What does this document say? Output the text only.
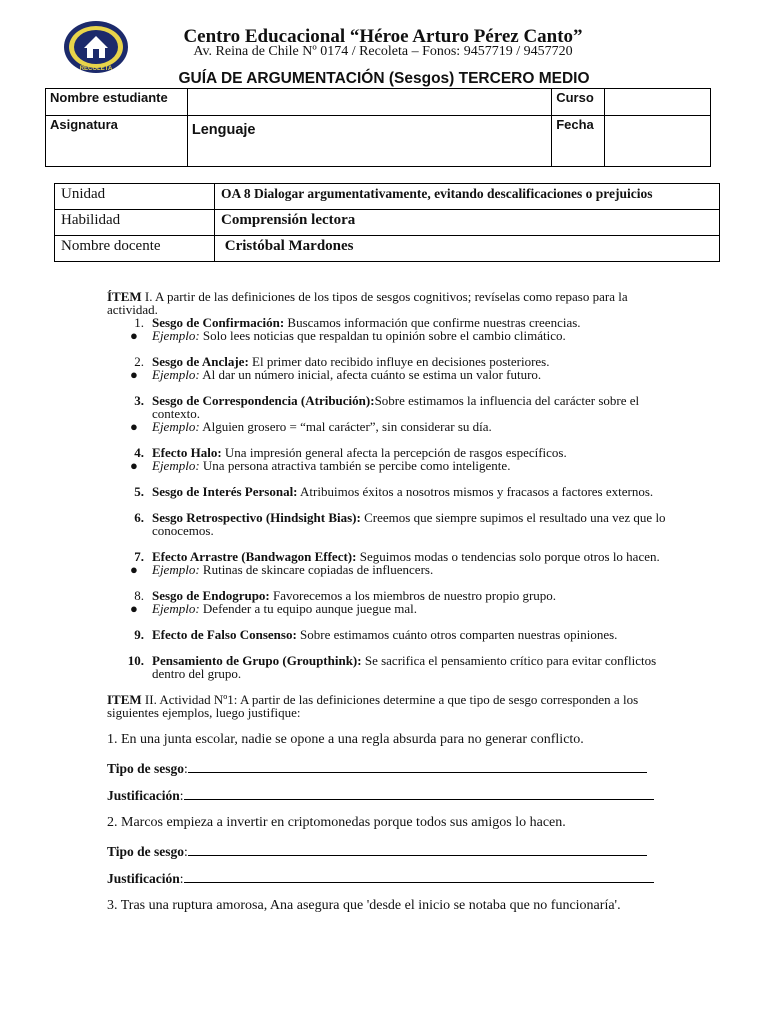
RECOLETA
Centro Educacional “Héroe Arturo Pérez Canto”
Av. Reina de Chile Nº 0174 / Recoleta – Fonos: 9457719 / 9457720
GUÍA DE ARGUMENTACIÓN (Sesgos) TERCERO MEDIO
Nombre estudiante		Curso	
Asignatura	Lenguaje	Fecha	
Unidad	OA 8 Dialogar argumentativamente, evitando descalificaciones o prejuicios
Habilidad	Comprensión lectora
Nombre docente	Cristóbal Mardones

ÍTEM I. A partir de las definiciones de los tipos de sesgos cognitivos; revíselas como repaso para la actividad.

1. Sesgo de Confirmación: Buscamos información que confirme nuestras creencias.
● Ejemplo: Solo lees noticias que respaldan tu opinión sobre el cambio climático.
2. Sesgo de Anclaje: El primer dato recibido influye en decisiones posteriores.
● Ejemplo: Al dar un número inicial, afecta cuánto se estima un valor futuro.
3. Sesgo de Correspondencia (Atribución):Sobre estimamos la influencia del carácter sobre el contexto.
● Ejemplo: Alguien grosero = “mal carácter”, sin considerar su día.
4. Efecto Halo: Una impresión general afecta la percepción de rasgos específicos.
● Ejemplo: Una persona atractiva también se percibe como inteligente.
5. Sesgo de Interés Personal: Atribuimos éxitos a nosotros mismos y fracasos a factores externos.
6. Sesgo Retrospectivo (Hindsight Bias): Creemos que siempre supimos el resultado una vez que lo conocemos.
7. Efecto Arrastre (Bandwagon Effect): Seguimos modas o tendencias solo porque otros lo hacen.
● Ejemplo: Rutinas de skincare copiadas de influencers.
8. Sesgo de Endogrupo: Favorecemos a los miembros de nuestro propio grupo.
● Ejemplo: Defender a tu equipo aunque juegue mal.
9. Efecto de Falso Consenso: Sobre estimamos cuánto otros comparten nuestras opiniones.
10. Pensamiento de Grupo (Groupthink): Se sacrifica el pensamiento crítico para evitar conflictos dentro del grupo.

ITEM II. Actividad Nº1: A partir de las definiciones determine a que tipo de sesgo corresponden a los siguientes ejemplos, luego justifique:

1. En una junta escolar, nadie se opone a una regla absurda para no generar conflicto.

Tipo de sesgo:

Justificación:

2. Marcos empieza a invertir en criptomonedas porque todos sus amigos lo hacen.

Tipo de sesgo:

Justificación:

3. Tras una ruptura amorosa, Ana asegura que 'desde el inicio se notaba que no funcionaría'.
